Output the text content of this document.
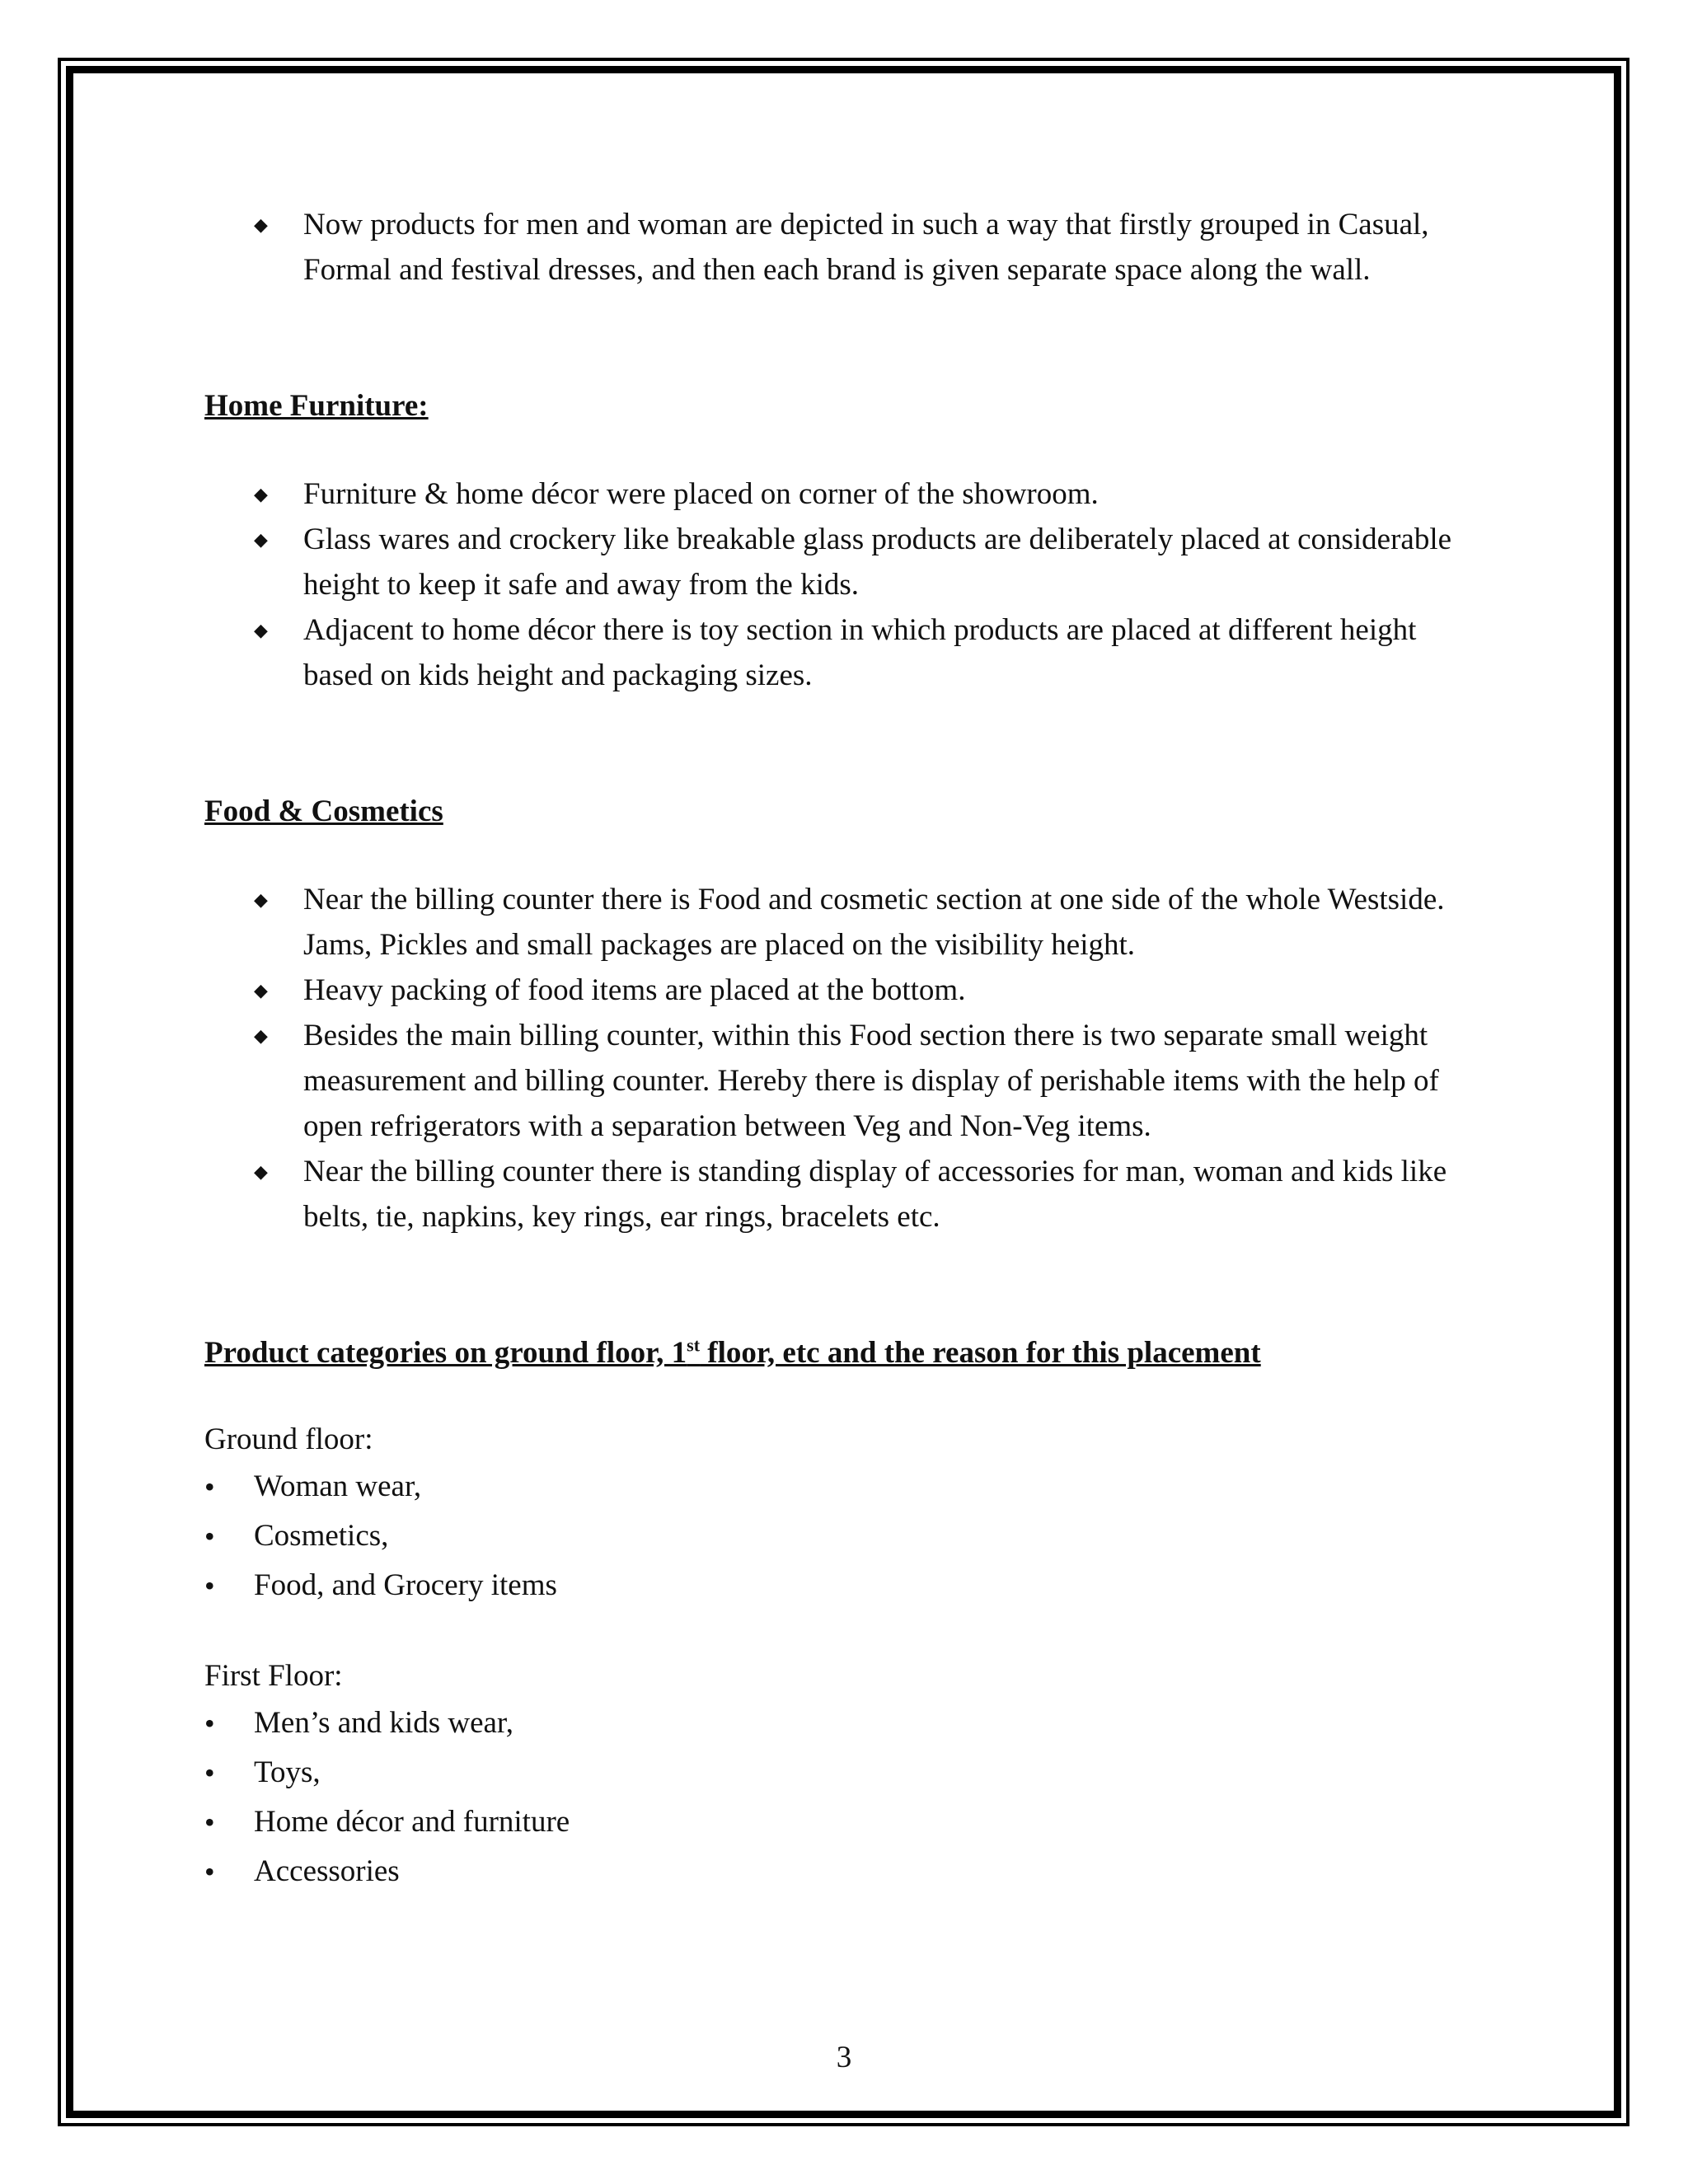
◆ Now products for men and woman are depicted in such a way that firstly grouped in Casual, Formal and festival dresses, and then each brand is given separate space along the wall.

Home Furniture:

◆ Furniture & home décor were placed on corner of the showroom.
◆ Glass wares and crockery like breakable glass products are deliberately placed at considerable height to keep it safe and away from the kids.
◆ Adjacent to home décor there is toy section in which products are placed at different height based on kids height and packaging sizes.

Food & Cosmetics

◆ Near the billing counter there is Food and cosmetic section at one side of the whole Westside. Jams, Pickles and small packages are placed on the visibility height.
◆ Heavy packing of food items are placed at the bottom.
◆ Besides the main billing counter, within this Food section there is two separate small weight measurement and billing counter. Hereby there is display of perishable items with the help of open refrigerators with a separation between Veg and Non-Veg items.
◆ Near the billing counter there is standing display of accessories for man, woman and kids like belts, tie, napkins, key rings, ear rings, bracelets etc.

Product categories on ground floor, 1st floor, etc and the reason for this placement

Ground floor:

• Woman wear,
• Cosmetics,
• Food, and Grocery items

First Floor:

• Men’s and kids wear,
• Toys,
• Home décor and furniture
• Accessories
3
